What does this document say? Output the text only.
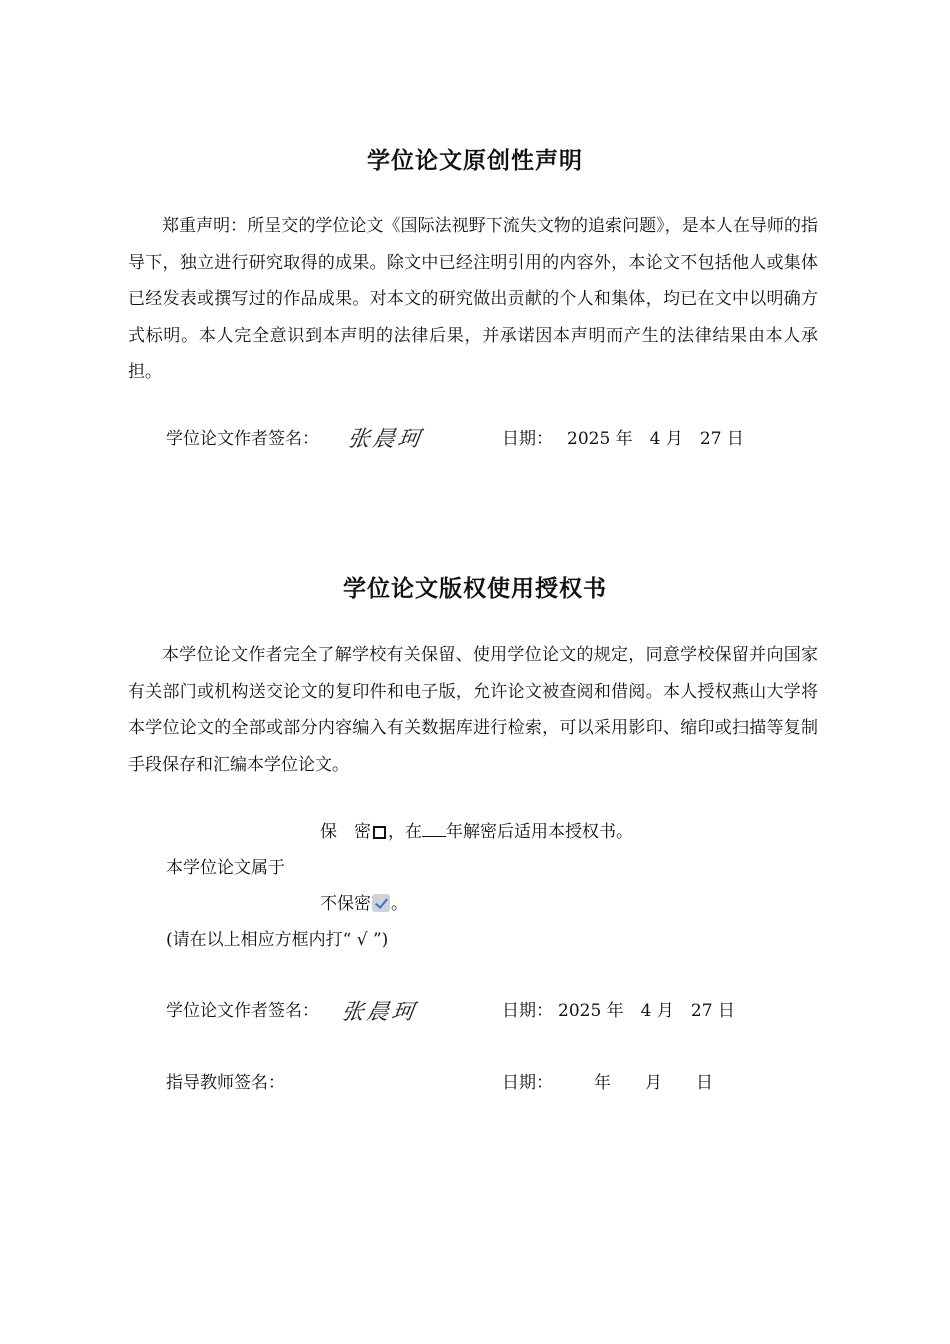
学位论文原创性声明

郑重声明：所呈交的学位论文《国际法视野下流失文物的追索问题》，是本人在导师的指导下，独立进行研究取得的成果。除文中已经注明引用的内容外，本论文不包括他人或集体已经发表或撰写过的作品成果。对本文的研究做出贡献的个人和集体，均已在文中以明确方式标明。本人完全意识到本声明的法律后果，并承诺因本声明而产生的法律结果由本人承担。

学位论文作者签名： 张晨珂	日期： 2025 年　4 月　27 日
学位论文版权使用授权书

本学位论文作者完全了解学校有关保留、使用学位论文的规定，同意学校保留并向国家有关部门或机构送交论文的复印件和电子版，允许论文被查阅和借阅。本人授权燕山大学将本学位论文的全部或部分内容编入有关数据库进行检索，可以采用影印、缩印或扫描等复制手段保存和汇编本学位论文。

保　密 ，在 年解密后适用本授权书。
本学位论文属于
不保密 。
(请在以上相应方框内打“ √ ”)
学位论文作者签名： 张晨珂	日期： 2025 年　4 月　27 日
指导教师签名：	日期： 　　年　　月　　日
